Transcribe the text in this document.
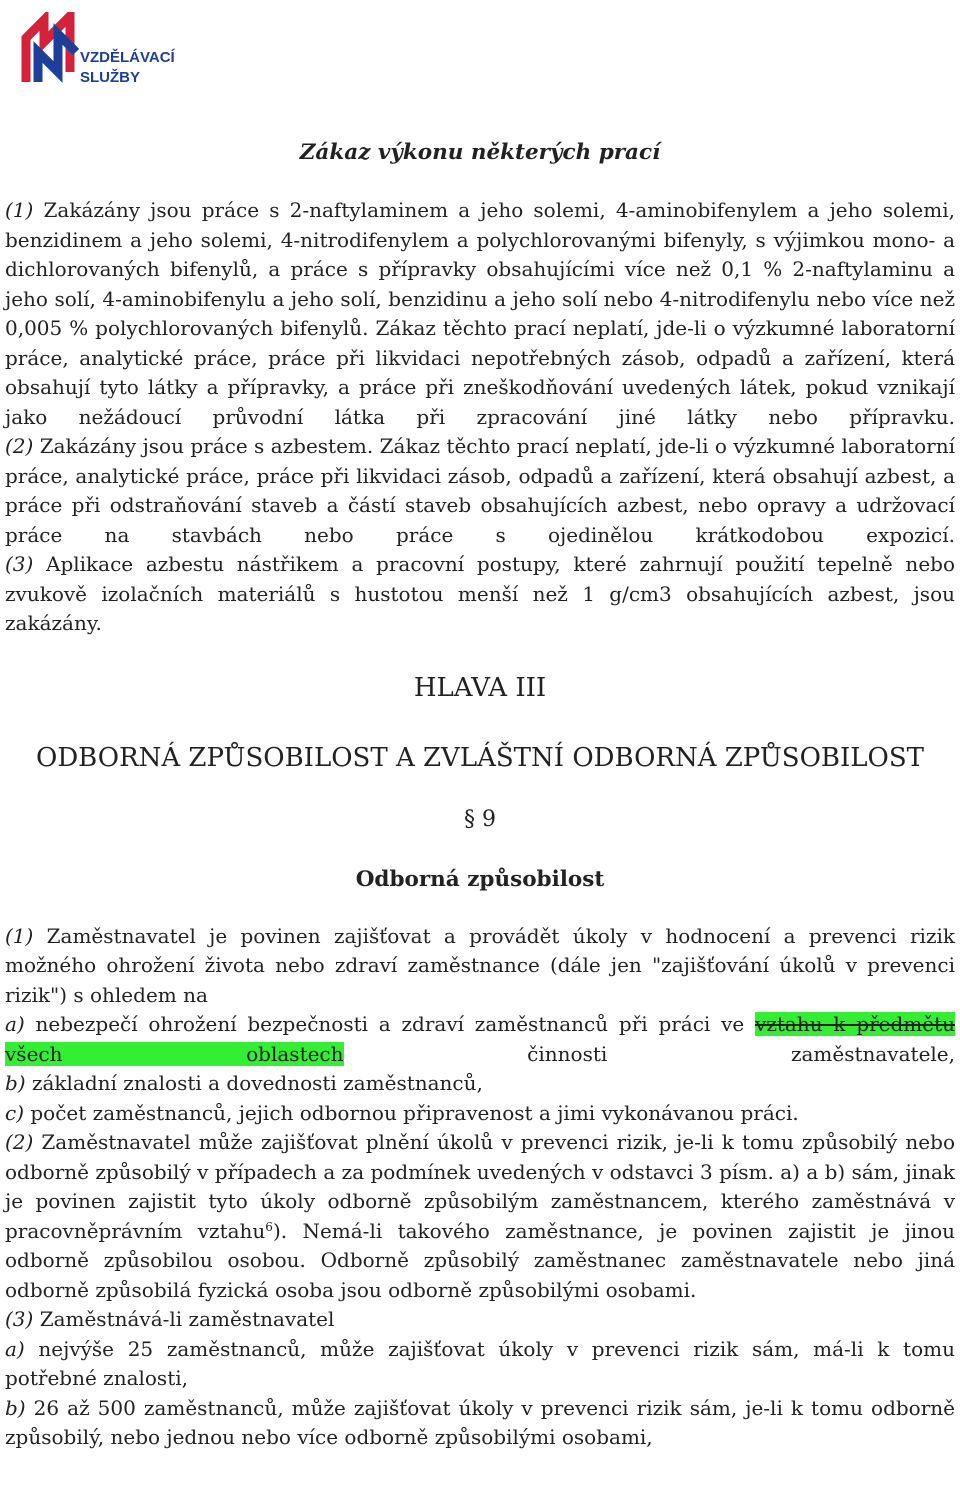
VZDĚLÁVACÍ
SLUŽBY
Zákaz výkonu některých prací

(1) Zakázány jsou práce s 2-naftylaminem a jeho solemi, 4-aminobifenylem a jeho solemi, benzidinem a jeho solemi, 4-nitrodifenylem a polychlorovanými bifenyly, s výjimkou mono- a dichlorovaných bifenylů, a práce s přípravky obsahujícími více než 0,1 % 2-naftylaminu a jeho solí, 4-aminobifenylu a jeho solí, benzidinu a jeho solí nebo 4-nitrodifenylu nebo více než 0,005 % polychlorovaných bifenylů. Zákaz těchto prací neplatí, jde-li o výzkumné laboratorní práce, analytické práce, práce při likvidaci nepotřebných zásob, odpadů a zařízení, která obsahují tyto látky a přípravky, a práce při zneškodňování uvedených látek, pokud vznikají jako nežádoucí průvodní látka při zpracování jiné látky nebo přípravku.

(2) Zakázány jsou práce s azbestem. Zákaz těchto prací neplatí, jde-li o výzkumné laboratorní práce, analytické práce, práce při likvidaci zásob, odpadů a zařízení, která obsahují azbest, a práce při odstraňování staveb a částí staveb obsahujících azbest, nebo opravy a udržovací práce na stavbách nebo práce s ojedinělou krátkodobou expozicí.

(3) Aplikace azbestu nástřikem a pracovní postupy, které zahrnují použití tepelně nebo zvukově izolačních materiálů s hustotou menší než 1 g/cm3 obsahujících azbest, jsou zakázány.

HLAVA III
ODBORNÁ ZPŮSOBILOST A ZVLÁŠTNÍ ODBORNÁ ZPŮSOBILOST
§ 9
Odborná způsobilost

(1) Zaměstnavatel je povinen zajišťovat a provádět úkoly v hodnocení a prevenci rizik možného ohrožení života nebo zdraví zaměstnance (dále jen "zajišťování úkolů v prevenci rizik") s ohledem na

a) nebezpečí ohrožení bezpečnosti a zdraví zaměstnanců při práci ve vztahu k předmětu všech oblastech činnosti zaměstnavatele,

b) základní znalosti a dovednosti zaměstnanců,

c) počet zaměstnanců, jejich odbornou připravenost a jimi vykonávanou práci.

(2) Zaměstnavatel může zajišťovat plnění úkolů v prevenci rizik, je-li k tomu způsobilý nebo odborně způsobilý v případech a za podmínek uvedených v odstavci 3 písm. a) a b) sám, jinak je povinen zajistit tyto úkoly odborně způsobilým zaměstnancem, kterého zaměstnává v pracovněprávním vztahu$^6$). Nemá-li takového zaměstnance, je povinen zajistit je jinou odborně způsobilou osobou. Odborně způsobilý zaměstnanec zaměstnavatele nebo jiná odborně způsobilá fyzická osoba jsou odborně způsobilými osobami.

(3) Zaměstnává-li zaměstnavatel

a) nejvýše 25 zaměstnanců, může zajišťovat úkoly v prevenci rizik sám, má-li k tomu potřebné znalosti,

b) 26 až 500 zaměstnanců, může zajišťovat úkoly v prevenci rizik sám, je-li k tomu odborně způsobilý, nebo jednou nebo více odborně způsobilými osobami,
